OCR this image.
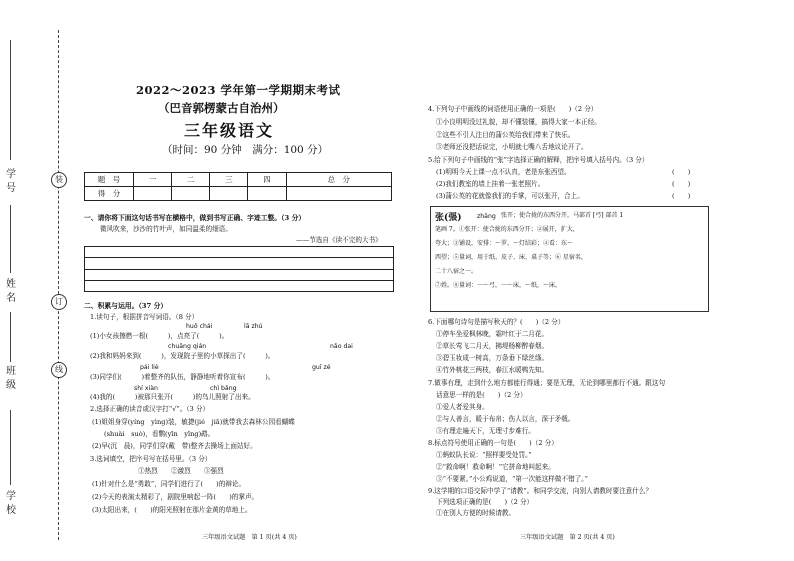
学　号
姓　名
班　级
学　校
装
订
线
2022～2023 学年第一学期期末考试
（巴音郭楞蒙古自治州）
三年级语文
（时间：90 分钟　满分：100 分）
题　号	一	二	三	四	总　分
得　分					
一、请你将下面这句话书写在横格中，做到书写正确、字迹工整。（3 分）
微风吹来，沙沙的竹叶声，如同温柔的细语。
——节选自《读不完的大书》
二、积累与运用。（37 分）
1.读句子，根据拼音写词语。（8 分）
huǒ chái	lā zhú
(1)小女孩擦燃一根(　　　)，点亮了(　　　)。
chuāng qián	nǎo dai
(2)我和妈妈来到(　　　)，发现院子里的小草探出了(　　　)。
pái liè	guī zé
(3)同学们(　　　)着整齐的队伍，静静地听着你宣布(　　　)。
shí xiàn	chì bǎng
(4)我的(　　　)被那只张开(　　　)的鸟儿照射了出来。
2.选择正确的读音或汉字打“√”。（3 分）
(1)姐姐身穿(yíng　yìng)装，敏捷(jié　jiā)就带我去森林公园看蝴蝶
(shuài　suò)，看鹦(yīn　yīng)鹉。
(2)早(沉　晨)，同学们穿(戴　带)整齐去操场上面站好。
3.选词填空，把序号写在括号里。（3 分）
①热烈　　②激烈　　③强烈
(1)针对什么是“勇敢”，同学们进行了(　　)的辩论。
(2)今天的表演太精彩了，剧院里响起一阵(　　)的掌声。
(3)太阳出来，(　　)的阳光照射在那片金黄的草地上。
三年级语文试题　第 1 页(共 4 页)
4.下列句子中画线的词语使用正确的一项是(　　)（2 分）
①小良明明没过礼貌，却不懂装懂，搞得大家一本正经。
②这些不引人注目的蒲公英给我们带来了快乐。
③老师还没把话说完，小明就七嘴八舌地议论开了。
5.给下列句子中画线的“张”字选择正确的解释，把序号填入括号内。（3 分）
(1)明明今天上课一点不认真，老是东张西望。	(　　)
(2)我们教室的墙上挂着一张老照片。	(　　)
(3)蒲公英的花就像我们的手掌，可以张开，合上。	(　　)
张(張) zhāng 张开；使合拢的东西分开，马部首 [弓] 部首 1
笔画 7。①张开：使合拢的东西分开；②展开，扩大，
夸大；③铺设，安排：～罗，～灯结彩；④看：东～
西望；⑤量词，用于纸、皮子、床、桌子等；⑥ 星宿名，
二十八宿之一。
⑦姓。⑧量词：一～弓，一～床，～纸，～床。
6.下面哪句诗句是描写秋天的？(　　)（2 分）
①停车坐爱枫林晚，霜叶红于二月花。
②草长莺飞二月天，拂堤杨柳醉春烟。
③碧玉妆成一树高，万条垂下绿丝绦。
④竹外桃花三两枝，春江水暖鸭先知。
7.做事有理，走到什么地方都能行得通；要是无理，无论到哪里都行不通。跟这句
话意思一样的是(　　)（2 分）
①爱人者爱其身。
②与人善言，暖于布帛；伤人以言，深于矛戟。
③有理走遍天下，无理寸步难行。
8.标点符号使用正确的一句是(　　)（2 分）
①蚂蚁队长说：“照样要受处罚。”
②“救命啊！救命啊！”它拼命地叫起来。
③“不要紧。”小公鸡说道，“第一次能这样做不错了。”
9.这学期的口语交际中学了“请教”。和同学交流，向别人请教时要注意什么？
下列选项正确的是(　　)（2 分）
①在别人方便的时候请教。
三年级语文试题　第 2 页(共 4 页)
